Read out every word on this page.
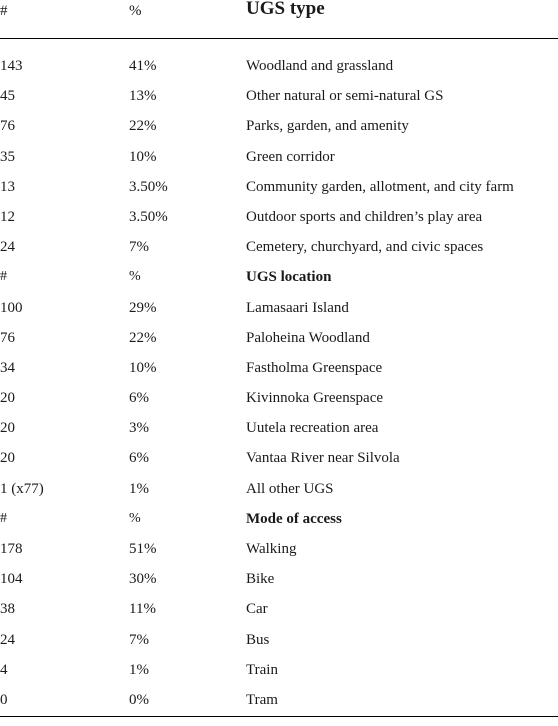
#	%	UGS type
143	41%	Woodland and grassland
45	13%	Other natural or semi-natural GS
76	22%	Parks, garden, and amenity
35	10%	Green corridor
13	3.50%	Community garden, allotment, and city farm
12	3.50%	Outdoor sports and children’s play area
24	7%	Cemetery, churchyard, and civic spaces
#	%	UGS location
100	29%	Lamasaari Island
76	22%	Paloheina Woodland
34	10%	Fastholma Greenspace
20	6%	Kivinnoka Greenspace
20	3%	Uutela recreation area
20	6%	Vantaa River near Silvola
1 (x77)	1%	All other UGS
#	%	Mode of access
178	51%	Walking
104	30%	Bike
38	11%	Car
24	7%	Bus
4	1%	Train
0	0%	Tram
